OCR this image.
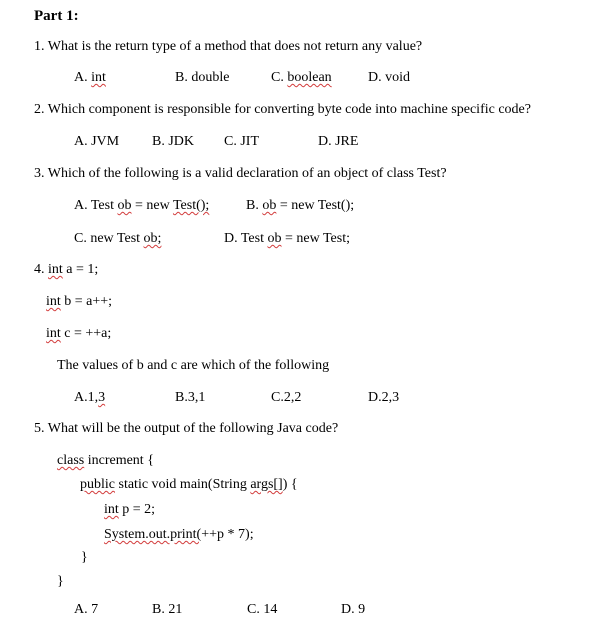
Part 1:
1. What is the return type of a method that does not return any value?
A. int	B. double	C. boolean	D. void
2. Which component is responsible for converting byte code into machine specific code?
A. JVM B. JDK C. JIT	D. JRE
3. Which of the following is a valid declaration of an object of class Test?
A. Test ob = new Test();	B. ob = new Test();
C. new Test ob;	D. Test ob = new Test;
4. int a = 1;
int b = a++;
int c = ++a;
The values of b and c are which of the following
A.1,3	B.3,1	C.2,2	D.2,3
5. What will be the output of the following Java code?
class increment {
public static void main(String args[]) {
int p = 2;
System.out.print(++p * 7);
}
}
A. 7	B. 21	C. 14	D. 9
